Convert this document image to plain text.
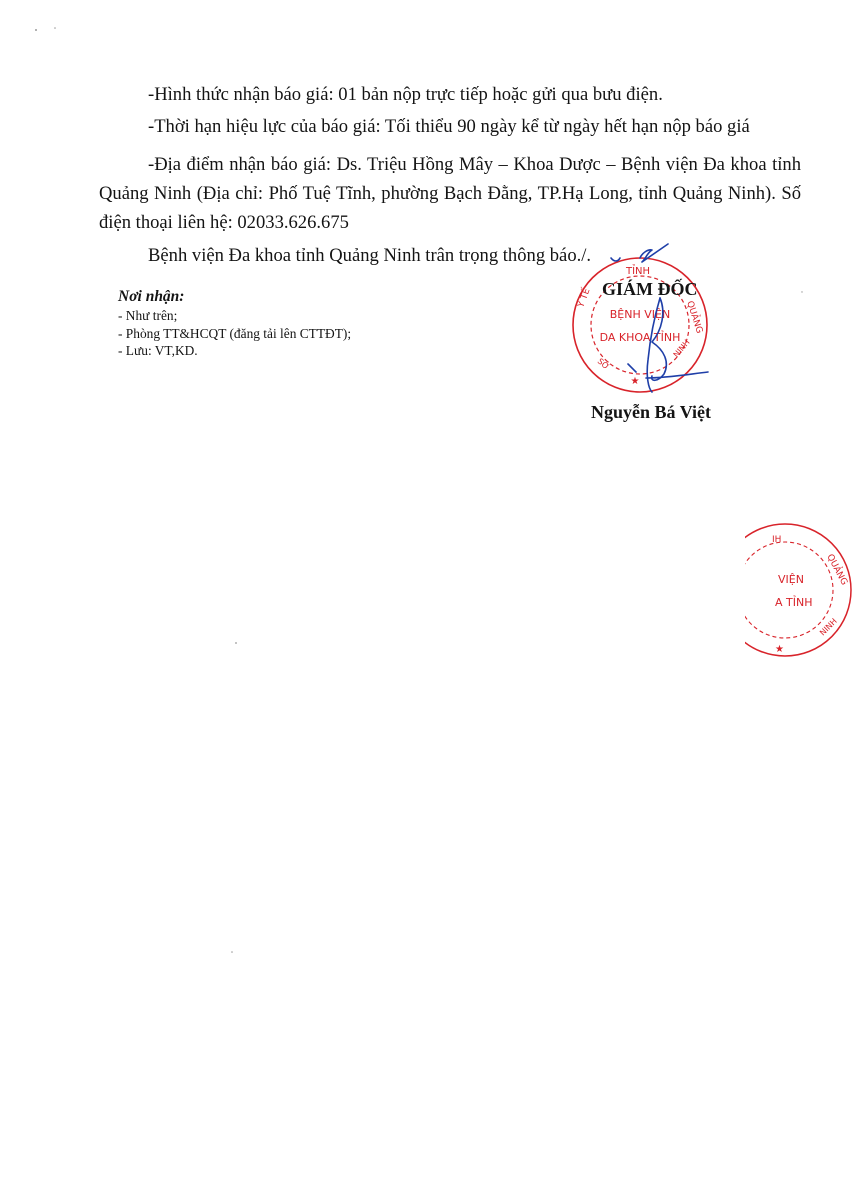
-Hình thức nhận báo giá: 01 bản nộp trực tiếp hoặc gửi qua bưu điện.

-Thời hạn hiệu lực của báo giá: Tối thiểu 90 ngày kể từ ngày hết hạn nộp báo giá

-Địa điểm nhận báo giá: Ds. Triệu Hồng Mây – Khoa Dược – Bệnh viện Đa khoa tỉnh Quảng Ninh (Địa chỉ: Phố Tuệ Tĩnh, phường Bạch Đằng, TP.Hạ Long, tỉnh Quảng Ninh). Số điện thoại liên hệ: 02033.626.675

Bệnh viện Đa khoa tỉnh Quảng Ninh trân trọng thông báo./.

Nơi nhận:
- Như trên;
- Phòng TT&HCQT (đăng tải lên CTTĐT);
- Lưu: VT,KD.
TỈNH
QUẢNG
NINH
Y TẾ
SỞ
BỆNH VIỆN
DA KHOA TỈNH
★
GIÁM ĐỐC
Nguyễn Bá Việt
IH
QUẢNG
NINH
VIỆN
A TỈNH
★
